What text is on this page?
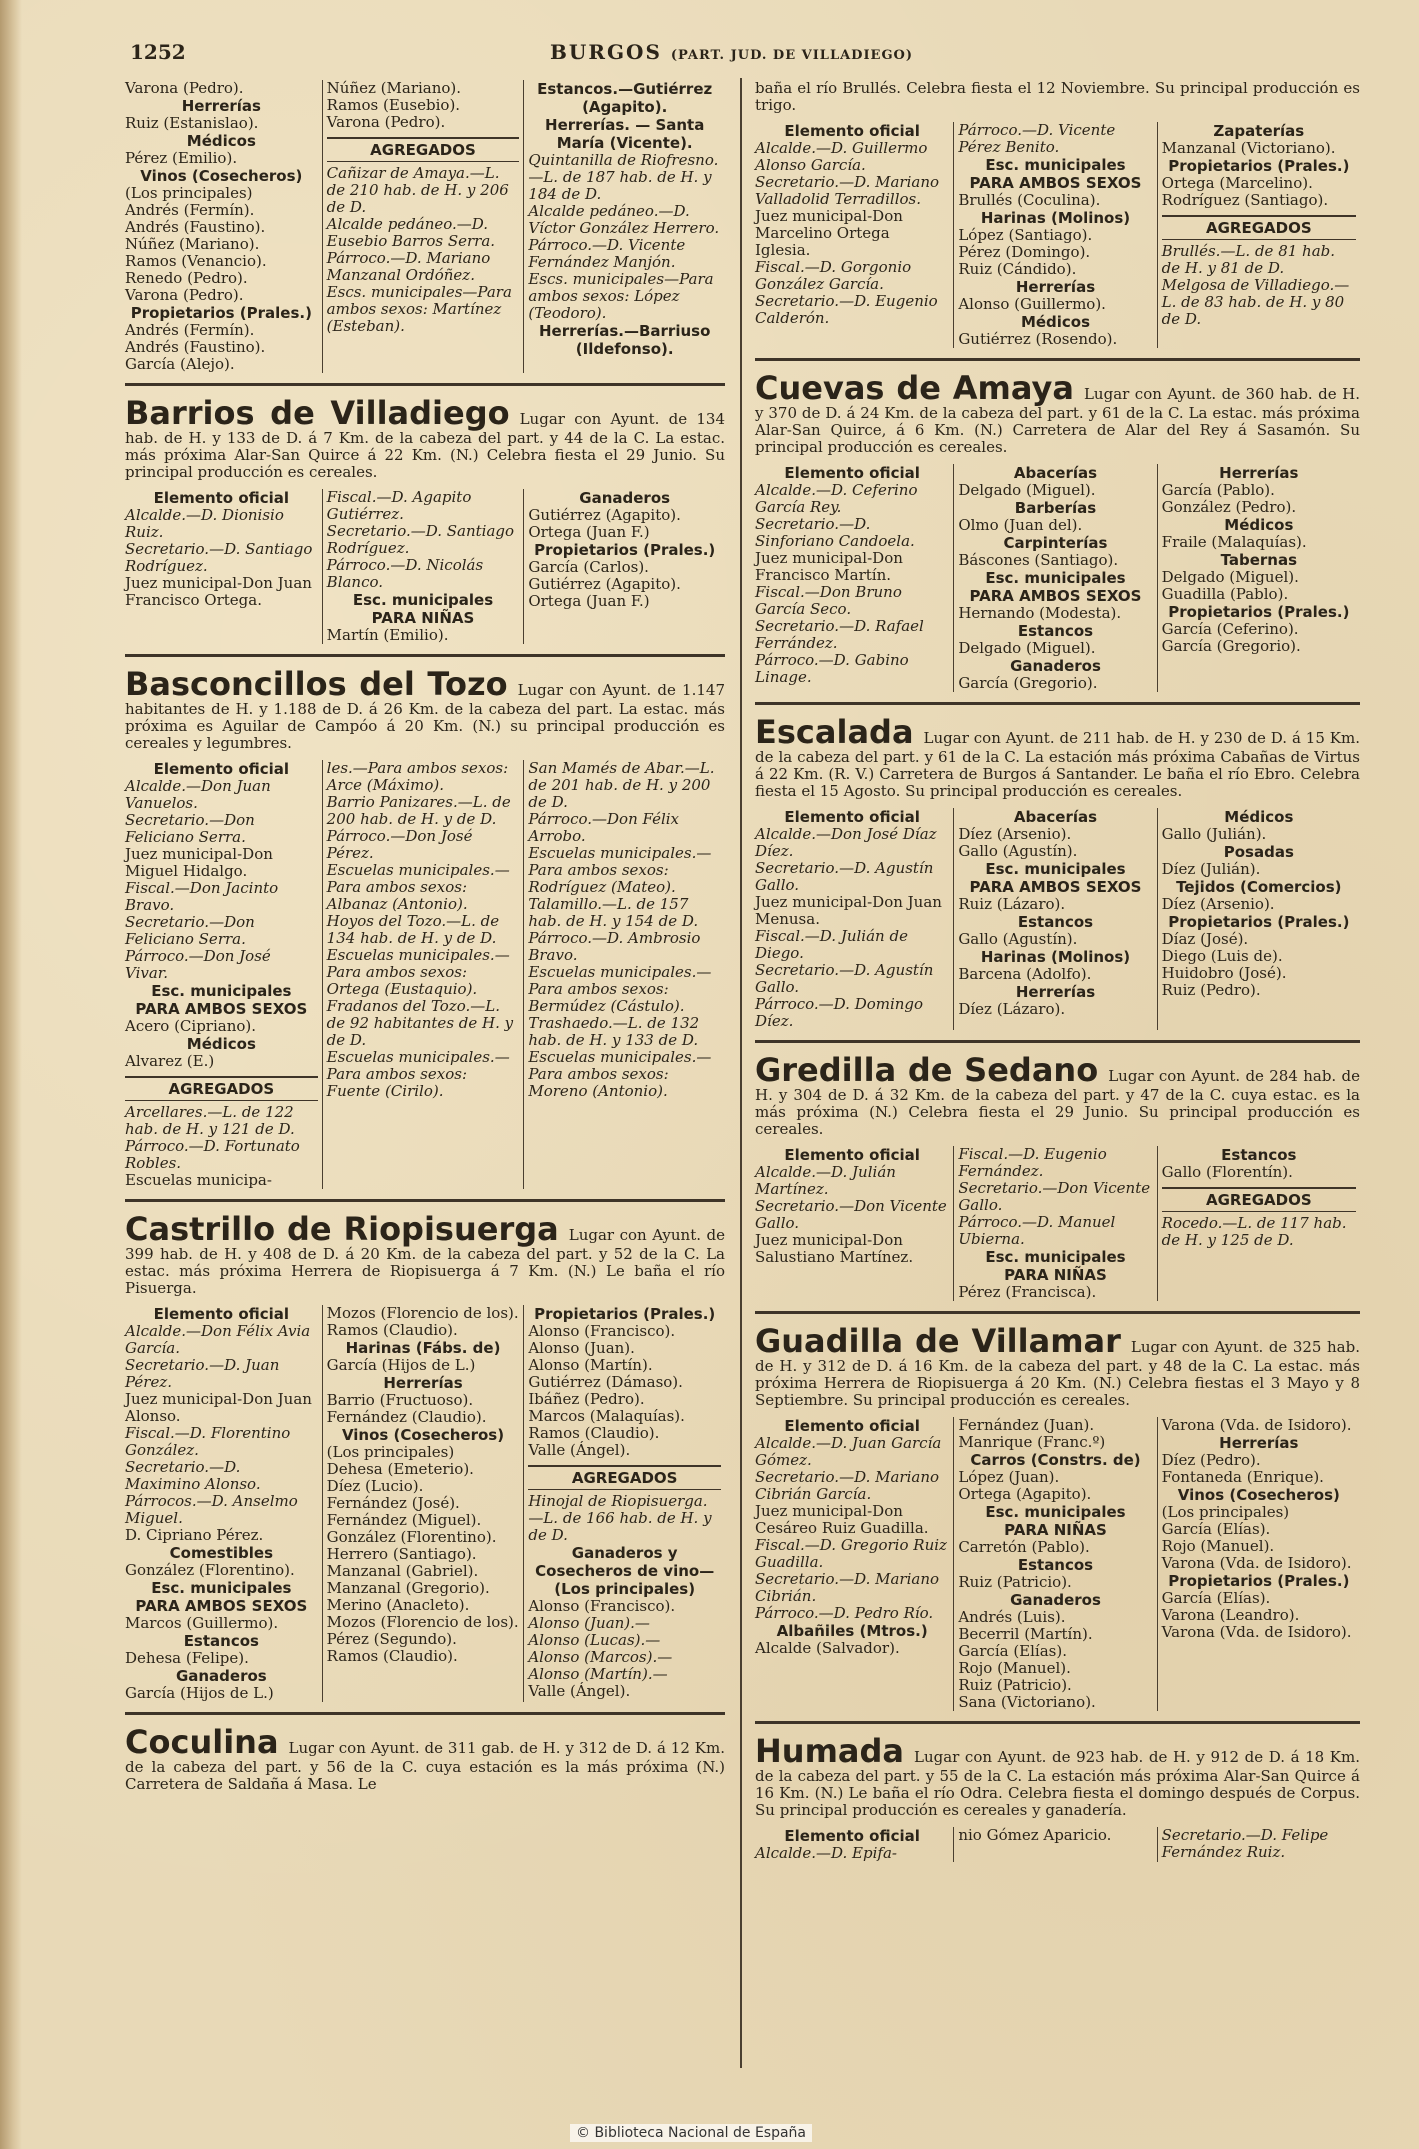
1252	BURGOS (PART. JUD. DE VILLADIEGO)
Varona (Pedro).
Herrerías
Ruiz (Estanislao).
Médicos
Pérez (Emilio).
Vinos (Cosecheros)
(Los principales)
Andrés (Fermín).
Andrés (Faustino).
Núñez (Mariano).
Ramos (Venancio).
Renedo (Pedro).
Varona (Pedro).
Propietarios (Prales.)
Andrés (Fermín).
Andrés (Faustino).
García (Alejo).
Núñez (Mariano).
Ramos (Eusebio).
Varona (Pedro).
AGREGADOS
Cañizar de Amaya.—L. de 210 hab. de H. y 206 de D.
Alcalde pedáneo.—D. Eusebio Barros Serra.
Párroco.—D. Mariano Manzanal Ordóñez.
Escs. municipales—Para ambos sexos: Martínez (Esteban).
Estancos.—Gutiérrez (Agapito).
Herrerías. — Santa María (Vicente).
Quintanilla de Riofresno.—L. de 187 hab. de H. y 184 de D.
Alcalde pedáneo.—D. Víctor González Herrero.
Párroco.—D. Vicente Fernández Manjón.
Escs. municipales—Para ambos sexos: López (Teodoro).
Herrerías.—Barriuso (Ildefonso).
Barrios de Villadiego Lugar con Ayunt. de 134 hab. de H. y 133 de D. á 7 Km. de la cabeza del part. y 44 de la C. La estac. más próxima Alar-San Quirce á 22 Km. (N.) Celebra fiesta el 29 Junio. Su principal producción es cereales.
Elemento oficial
Alcalde.—D. Dionisio Ruiz.
Secretario.—D. Santiago Rodríguez.
Juez municipal-Don Juan Francisco Ortega.
Fiscal.—D. Agapito Gutiérrez.
Secretario.—D. Santiago Rodríguez.
Párroco.—D. Nicolás Blanco.
Esc. municipales
PARA NIÑAS
Martín (Emilio).
Ganaderos
Gutiérrez (Agapito).
Ortega (Juan F.)
Propietarios (Prales.)
García (Carlos).
Gutiérrez (Agapito).
Ortega (Juan F.)
Basconcillos del Tozo Lugar con Ayunt. de 1.147 habitantes de H. y 1.188 de D. á 26 Km. de la cabeza del part. La estac. más próxima es Aguilar de Campóo á 20 Km. (N.) su principal producción es cereales y legumbres.
Elemento oficial
Alcalde.—Don Juan Vanuelos.
Secretario.—Don Feliciano Serra.
Juez municipal-Don Miguel Hidalgo.
Fiscal.—Don Jacinto Bravo.
Secretario.—Don Feliciano Serra.
Párroco.—Don José Vivar.
Esc. municipales
PARA AMBOS SEXOS
Acero (Cipriano).
Médicos
Alvarez (E.)
AGREGADOS
Arcellares.—L. de 122 hab. de H. y 121 de D.
Párroco.—D. Fortunato Robles.
Escuelas municipa-
les.—Para ambos sexos: Arce (Máximo).
Barrio Panizares.—L. de 200 hab. de H. y de D.
Párroco.—Don José Pérez.
Escuelas municipales.—Para ambos sexos: Albanaz (Antonio).
Hoyos del Tozo.—L. de 134 hab. de H. y de D.
Escuelas municipales.—Para ambos sexos: Ortega (Eustaquio).
Fradanos del Tozo.—L. de 92 habitantes de H. y de D.
Escuelas municipales.—Para ambos sexos: Fuente (Cirilo).
San Mamés de Abar.—L. de 201 hab. de H. y 200 de D.
Párroco.—Don Félix Arrobo.
Escuelas municipales.—Para ambos sexos: Rodríguez (Mateo).
Talamillo.—L. de 157 hab. de H. y 154 de D.
Párroco.—D. Ambrosio Bravo.
Escuelas municipales.—Para ambos sexos: Bermúdez (Cástulo).
Trashaedo.—L. de 132 hab. de H. y 133 de D.
Escuelas municipales.—Para ambos sexos: Moreno (Antonio).
Castrillo de Riopisuerga Lugar con Ayunt. de 399 hab. de H. y 408 de D. á 20 Km. de la cabeza del part. y 52 de la C. La estac. más próxima Herrera de Riopisuerga á 7 Km. (N.) Le baña el río Pisuerga.
Elemento oficial
Alcalde.—Don Félix Avia García.
Secretario.—D. Juan Pérez.
Juez municipal-Don Juan Alonso.
Fiscal.—D. Florentino González.
Secretario.—D. Maximino Alonso.
Párrocos.—D. Anselmo Miguel.
D. Cipriano Pérez.
Comestibles
González (Florentino).
Esc. municipales
PARA AMBOS SEXOS
Marcos (Guillermo).
Estancos
Dehesa (Felipe).
Ganaderos
García (Hijos de L.)
Mozos (Florencio de los).
Ramos (Claudio).
Harinas (Fábs. de)
García (Hijos de L.)
Herrerías
Barrio (Fructuoso).
Fernández (Claudio).
Vinos (Cosecheros)
(Los principales)
Dehesa (Emeterio).
Díez (Lucio).
Fernández (José).
Fernández (Miguel).
González (Florentino).
Herrero (Santiago).
Manzanal (Gabriel).
Manzanal (Gregorio).
Merino (Anacleto).
Mozos (Florencio de los).
Pérez (Segundo).
Ramos (Claudio).
Propietarios (Prales.)
Alonso (Francisco).
Alonso (Juan).
Alonso (Martín).
Gutiérrez (Dámaso).
Ibáñez (Pedro).
Marcos (Malaquías).
Ramos (Claudio).
Valle (Ángel).
AGREGADOS
Hinojal de Riopisuerga.—L. de 166 hab. de H. y de D.
Ganaderos y Cosecheros de vino—(Los principales)
Alonso (Francisco).
Alonso (Juan).—
Alonso (Lucas).—
Alonso (Marcos).—
Alonso (Martín).—
Valle (Ángel).
Coculina Lugar con Ayunt. de 311 gab. de H. y 312 de D. á 12 Km. de la cabeza del part. y 56 de la C. cuya estación es la más próxima (N.) Carretera de Saldaña á Masa. Le
baña el río Brullés. Celebra fiesta el 12 Noviembre. Su principal producción es trigo.
Elemento oficial
Alcalde.—D. Guillermo Alonso García.
Secretario.—D. Mariano Valladolid Terradillos.
Juez municipal-Don Marcelino Ortega Iglesia.
Fiscal.—D. Gorgonio González García.
Secretario.—D. Eugenio Calderón.
Párroco.—D. Vicente Pérez Benito.
Esc. municipales
PARA AMBOS SEXOS
Brullés (Coculina).
Harinas (Molinos)
López (Santiago).
Pérez (Domingo).
Ruiz (Cándido).
Herrerías
Alonso (Guillermo).
Médicos
Gutiérrez (Rosendo).
Zapaterías
Manzanal (Victoriano).
Propietarios (Prales.)
Ortega (Marcelino).
Rodríguez (Santiago).
AGREGADOS
Brullés.—L. de 81 hab. de H. y 81 de D.
Melgosa de Villadiego.—L. de 83 hab. de H. y 80 de D.
Cuevas de Amaya Lugar con Ayunt. de 360 hab. de H. y 370 de D. á 24 Km. de la cabeza del part. y 61 de la C. La estac. más próxima Alar-San Quirce, á 6 Km. (N.) Carretera de Alar del Rey á Sasamón. Su principal producción es cereales.
Elemento oficial
Alcalde.—D. Ceferino García Rey.
Secretario.—D. Sinforiano Candoela.
Juez municipal-Don Francisco Martín.
Fiscal.—Don Bruno García Seco.
Secretario.—D. Rafael Ferrández.
Párroco.—D. Gabino Linage.
Abacerías
Delgado (Miguel).
Barberías
Olmo (Juan del).
Carpinterías
Báscones (Santiago).
Esc. municipales
PARA AMBOS SEXOS
Hernando (Modesta).
Estancos
Delgado (Miguel).
Ganaderos
García (Gregorio).
Herrerías
García (Pablo).
González (Pedro).
Médicos
Fraile (Malaquías).
Tabernas
Delgado (Miguel).
Guadilla (Pablo).
Propietarios (Prales.)
García (Ceferino).
García (Gregorio).
Escalada Lugar con Ayunt. de 211 hab. de H. y 230 de D. á 15 Km. de la cabeza del part. y 61 de la C. La estación más próxima Cabañas de Virtus á 22 Km. (R. V.) Carretera de Burgos á Santander. Le baña el río Ebro. Celebra fiesta el 15 Agosto. Su principal producción es cereales.
Elemento oficial
Alcalde.—Don José Díaz Díez.
Secretario.—D. Agustín Gallo.
Juez municipal-Don Juan Menusa.
Fiscal.—D. Julián de Diego.
Secretario.—D. Agustín Gallo.
Párroco.—D. Domingo Díez.
Abacerías
Díez (Arsenio).
Gallo (Agustín).
Esc. municipales
PARA AMBOS SEXOS
Ruiz (Lázaro).
Estancos
Gallo (Agustín).
Harinas (Molinos)
Barcena (Adolfo).
Herrerías
Díez (Lázaro).
Médicos
Gallo (Julián).
Posadas
Díez (Julián).
Tejidos (Comercios)
Díez (Arsenio).
Propietarios (Prales.)
Díaz (José).
Diego (Luis de).
Huidobro (José).
Ruiz (Pedro).
Gredilla de Sedano Lugar con Ayunt. de 284 hab. de H. y 304 de D. á 32 Km. de la cabeza del part. y 47 de la C. cuya estac. es la más próxima (N.) Celebra fiesta el 29 Junio. Su principal producción es cereales.
Elemento oficial
Alcalde.—D. Julián Martínez.
Secretario.—Don Vicente Gallo.
Juez municipal-Don Salustiano Martínez.
Fiscal.—D. Eugenio Fernández.
Secretario.—Don Vicente Gallo.
Párroco.—D. Manuel Ubierna.
Esc. municipales
PARA NIÑAS
Pérez (Francisca).
Estancos
Gallo (Florentín).
AGREGADOS
Rocedo.—L. de 117 hab. de H. y 125 de D.
Guadilla de Villamar Lugar con Ayunt. de 325 hab. de H. y 312 de D. á 16 Km. de la cabeza del part. y 48 de la C. La estac. más próxima Herrera de Riopisuerga á 20 Km. (N.) Celebra fiestas el 3 Mayo y 8 Septiembre. Su principal producción es cereales.
Elemento oficial
Alcalde.—D. Juan García Gómez.
Secretario.—D. Mariano Cibrián García.
Juez municipal-Don Cesáreo Ruiz Guadilla.
Fiscal.—D. Gregorio Ruiz Guadilla.
Secretario.—D. Mariano Cibrián.
Párroco.—D. Pedro Río.
Albañiles (Mtros.)
Alcalde (Salvador).
Fernández (Juan).
Manrique (Franc.º)
Carros (Constrs. de)
López (Juan).
Ortega (Agapito).
Esc. municipales
PARA NIÑAS
Carretón (Pablo).
Estancos
Ruiz (Patricio).
Ganaderos
Andrés (Luis).
Becerril (Martín).
García (Elías).
Rojo (Manuel).
Ruiz (Patricio).
Sana (Victoriano).
Varona (Vda. de Isidoro).
Herrerías
Díez (Pedro).
Fontaneda (Enrique).
Vinos (Cosecheros)
(Los principales)
García (Elías).
Rojo (Manuel).
Varona (Vda. de Isidoro).
Propietarios (Prales.)
García (Elías).
Varona (Leandro).
Varona (Vda. de Isidoro).
Humada Lugar con Ayunt. de 923 hab. de H. y 912 de D. á 18 Km. de la cabeza del part. y 55 de la C. La estación más próxima Alar-San Quirce á 16 Km. (N.) Le baña el río Odra. Celebra fiesta el domingo después de Corpus. Su principal producción es cereales y ganadería.
Elemento oficial
Alcalde.—D. Epifa-
nio Gómez Aparicio.	Secretario.—D. Felipe Fernández Ruiz.
© Biblioteca Nacional de España
